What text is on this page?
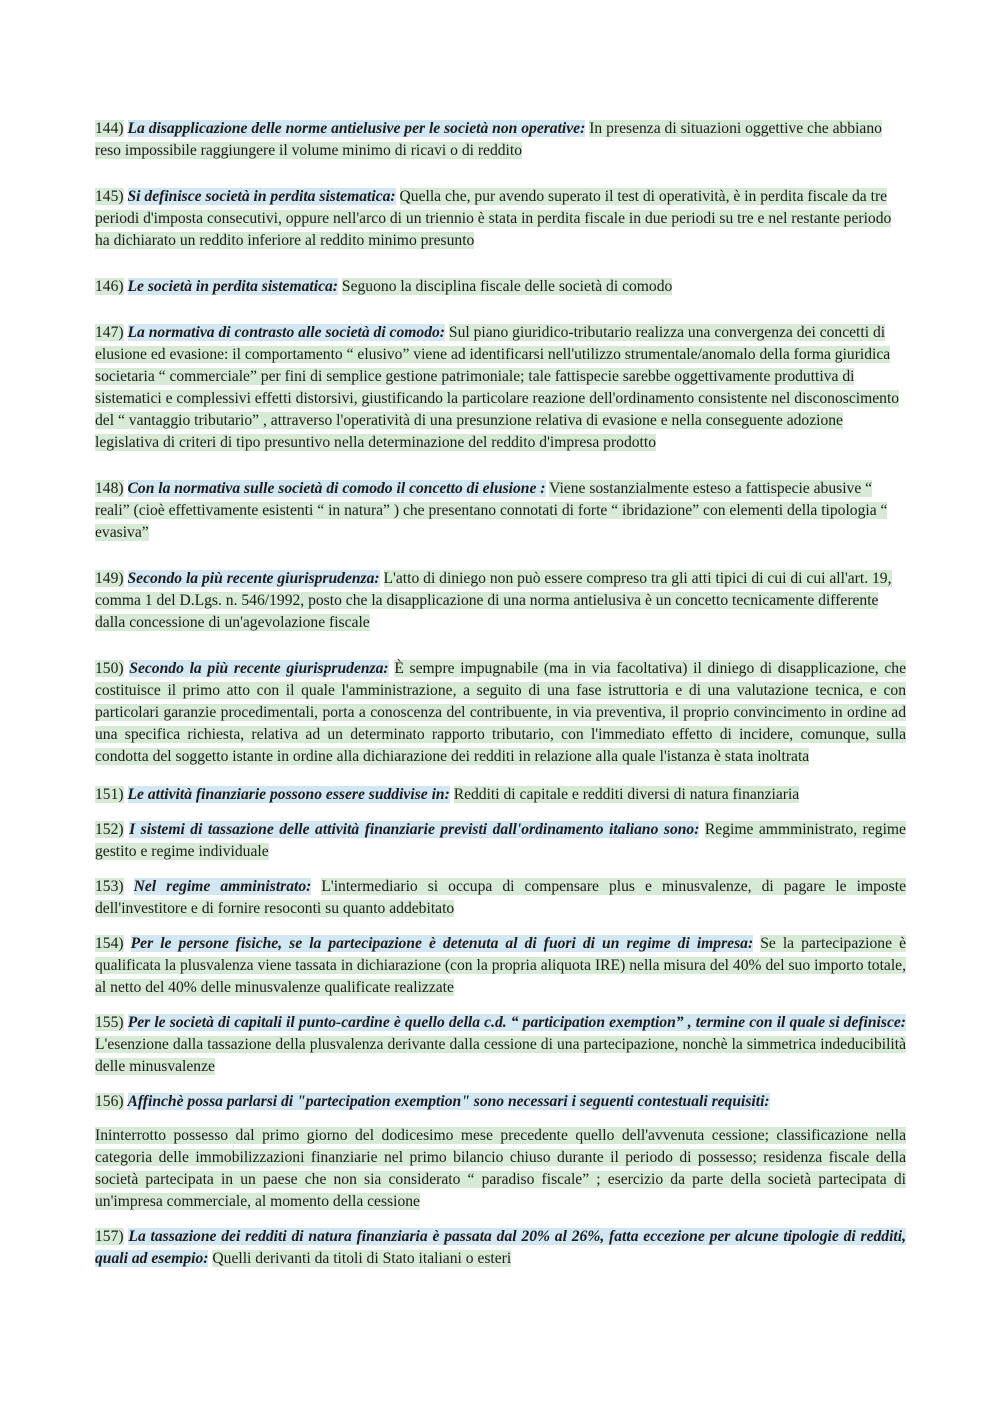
144) La disapplicazione delle norme antielusive per le società non operative: In presenza di situazioni oggettive che abbiano reso impossibile raggiungere il volume minimo di ricavi o di reddito

145) Si definisce società in perdita sistematica: Quella che, pur avendo superato il test di operatività, è in perdita fiscale da tre periodi d'imposta consecutivi, oppure nell'arco di un triennio è stata in perdita fiscale in due periodi su tre e nel restante periodo ha dichiarato un reddito inferiore al reddito minimo presunto

146) Le società in perdita sistematica: Seguono la disciplina fiscale delle società di comodo

147) La normativa di contrasto alle società di comodo: Sul piano giuridico-tributario realizza una convergenza dei concetti di elusione ed evasione: il comportamento “ elusivo” viene ad identificarsi nell'utilizzo strumentale/anomalo della forma giuridica societaria “ commerciale” per fini di semplice gestione patrimoniale; tale fattispecie sarebbe oggettivamente produttiva di sistematici e complessivi effetti distorsivi, giustificando la particolare reazione dell'ordinamento consistente nel disconoscimento del “ vantaggio tributario” , attraverso l'operatività di una presunzione relativa di evasione e nella conseguente adozione legislativa di criteri di tipo presuntivo nella determinazione del reddito d'impresa prodotto

148) Con la normativa sulle società di comodo il concetto di elusione : Viene sostanzialmente esteso a fattispecie abusive “ reali” (cioè effettivamente esistenti “ in natura” ) che presentano connotati di forte “ ibridazione” con elementi della tipologia “ evasiva”

149) Secondo la più recente giurisprudenza: L'atto di diniego non può essere compreso tra gli atti tipici di cui di cui all'art. 19, comma 1 del D.Lgs. n. 546/1992, posto che la disapplicazione di una norma antielusiva è un concetto tecnicamente differente dalla concessione di un'agevolazione fiscale

150) Secondo la più recente giurisprudenza: È sempre impugnabile (ma in via facoltativa) il diniego di disapplicazione, che costituisce il primo atto con il quale l'amministrazione, a seguito di una fase istruttoria e di una valutazione tecnica, e con particolari garanzie procedimentali, porta a conoscenza del contribuente, in via preventiva, il proprio convincimento in ordine ad una specifica richiesta, relativa ad un determinato rapporto tributario, con l'immediato effetto di incidere, comunque, sulla condotta del soggetto istante in ordine alla dichiarazione dei redditi in relazione alla quale l'istanza è stata inoltrata

151) Le attività finanziarie possono essere suddivise in: Redditi di capitale e redditi diversi di natura finanziaria

152) I sistemi di tassazione delle attività finanziarie previsti dall'ordinamento italiano sono: Regime ammministrato, regime gestito e regime individuale

153) Nel regime amministrato: L'intermediario si occupa di compensare plus e minusvalenze, di pagare le imposte dell'investitore e di fornire resoconti su quanto addebitato

154) Per le persone fisiche, se la partecipazione è detenuta al di fuori di un regime di impresa: Se la partecipazione è qualificata la plusvalenza viene tassata in dichiarazione (con la propria aliquota IRE) nella misura del 40% del suo importo totale, al netto del 40% delle minusvalenze qualificate realizzate

155) Per le società di capitali il punto-cardine è quello della c.d. “ participation exemption” , termine con il quale si definisce: L'esenzione dalla tassazione della plusvalenza derivante dalla cessione di una partecipazione, nonchè la simmetrica indeducibilità delle minusvalenze

156) Affinchè possa parlarsi di "partecipation exemption" sono necessari i seguenti contestuali requisiti:

Ininterrotto possesso dal primo giorno del dodicesimo mese precedente quello dell'avvenuta cessione; classificazione nella categoria delle immobilizzazioni finanziarie nel primo bilancio chiuso durante il periodo di possesso; residenza fiscale della società partecipata in un paese che non sia considerato “ paradiso fiscale” ; esercizio da parte della società partecipata di un'impresa commerciale, al momento della cessione

157) La tassazione dei redditi di natura finanziaria è passata dal 20% al 26%, fatta eccezione per alcune tipologie di redditi, quali ad esempio: Quelli derivanti da titoli di Stato italiani o esteri
